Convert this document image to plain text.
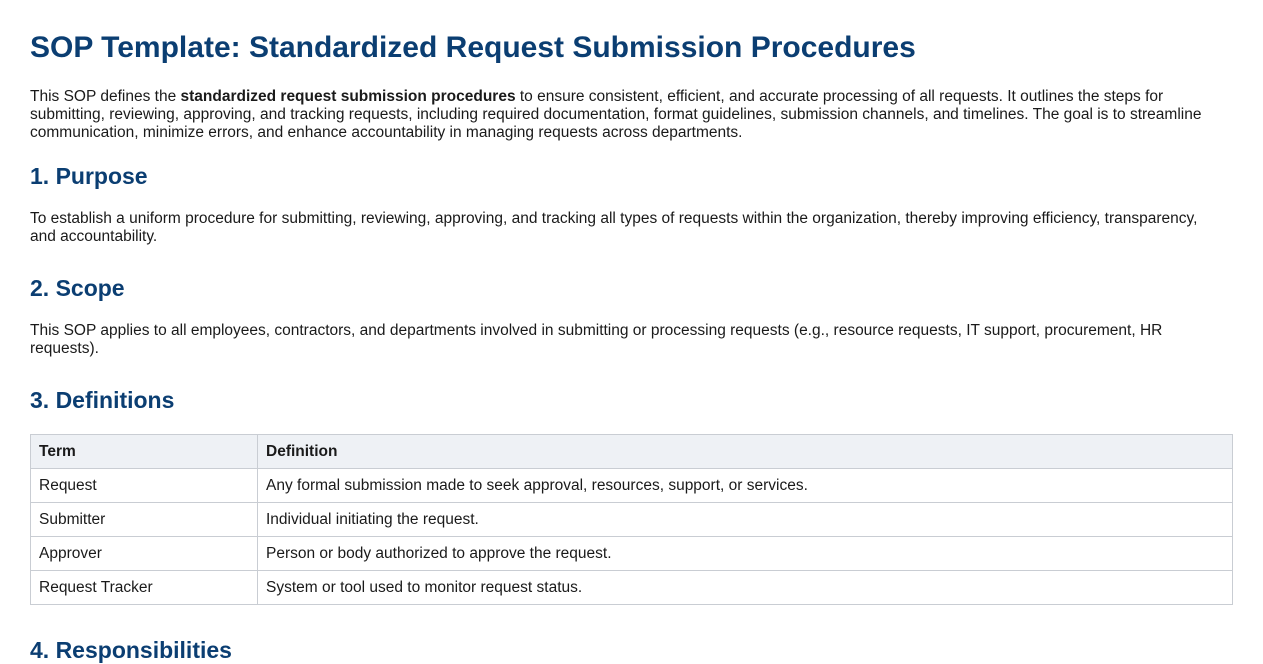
SOP Template: Standardized Request Submission Procedures

This SOP defines the standardized request submission procedures to ensure consistent, efficient, and accurate processing of all requests. It outlines the steps for submitting, reviewing, approving, and tracking requests, including required documentation, format guidelines, submission channels, and timelines. The goal is to streamline communication, minimize errors, and enhance accountability in managing requests across departments.

1. Purpose

To establish a uniform procedure for submitting, reviewing, approving, and tracking all types of requests within the organization, thereby improving efficiency, transparency, and accountability.

2. Scope

This SOP applies to all employees, contractors, and departments involved in submitting or processing requests (e.g., resource requests, IT support, procurement, HR requests).

3. Definitions
Term	Definition
Request	Any formal submission made to seek approval, resources, support, or services.
Submitter	Individual initiating the request.
Approver	Person or body authorized to approve the request.
Request Tracker	System or tool used to monitor request status.
4. Responsibilities
